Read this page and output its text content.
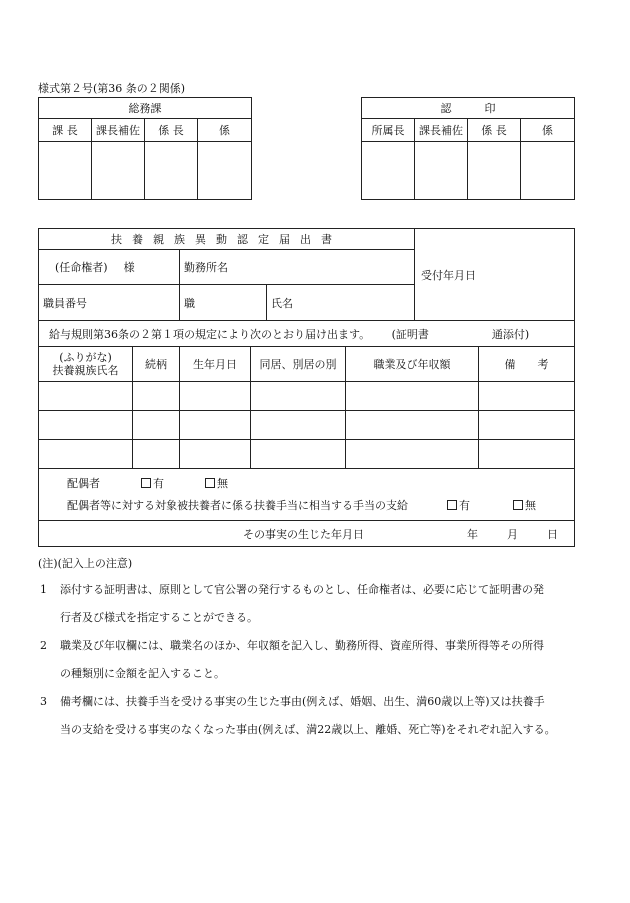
様式第２号(第36 条の２関係)
総務課			
課 長	課長補佐	係 長	係

認　　　印			
所属長	課長補佐	係 長	係

扶養親族異動認定届出書						受付年月日	
(任命権者) 様		勤務所名					
職員番号		職		氏名			
給与規則第36条の２第１項の規定により次のとおり届け出ます。 (証明書 通添付)							

(ふりがな)
扶養親族氏名	続柄	生年月日	同居、別居の別		職業及び年収額		備　　考

配偶者 有 無
配偶者等に対する対象被扶養者に係る扶養手当に相当する手当の支給 有 無							

その事実の生じた年月日 年 月 日							
(注)(記入上の注意)
1 添付する証明書は、原則として官公署の発行するものとし、任命権者は、必要に応じて証明書の発
行者及び様式を指定することができる。
2 職業及び年収欄には、職業名のほか、年収額を記入し、勤務所得、資産所得、事業所得等その所得
の種類別に金額を記入すること。
3 備考欄には、扶養手当を受ける事実の生じた事由(例えば、婚姻、出生、満60歳以上等)又は扶養手
当の支給を受ける事実のなくなった事由(例えば、満22歳以上、離婚、死亡等)をそれぞれ記入する。
